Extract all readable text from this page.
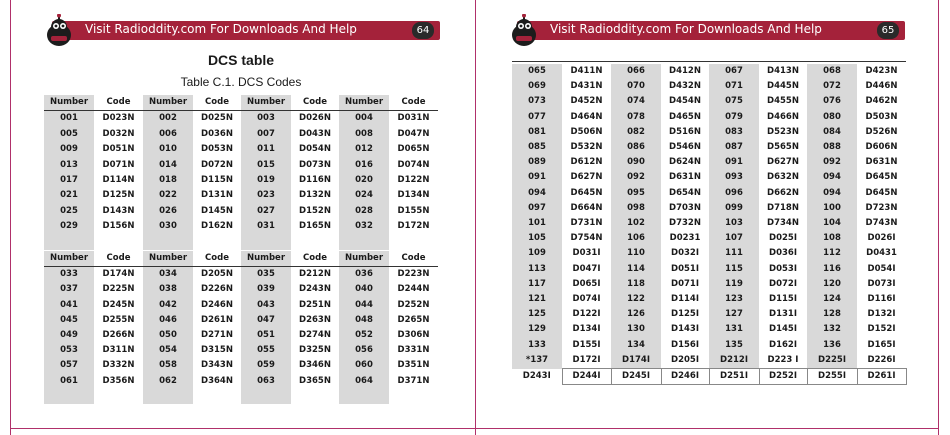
Visit Radioddity.com For Downloads And Help	64
DCS table
Table C.1. DCS Codes
Number	Code	Number	Code	Number	Code	Number	Code
001	D023N	002	D025N	003	D026N	004	D031N
005	D032N	006	D036N	007	D043N	008	D047N
009	D051N	010	D053N	011	D054N	012	D065N
013	D071N	014	D072N	015	D073N	016	D074N
017	D114N	018	D115N	019	D116N	020	D122N
021	D125N	022	D131N	023	D132N	024	D134N
025	D143N	026	D145N	027	D152N	028	D155N
029	D156N	030	D162N	031	D165N	032	D172N

Number	Code	Number	Code	Number	Code	Number	Code
033	D174N	034	D205N	035	D212N	036	D223N
037	D225N	038	D226N	039	D243N	040	D244N
041	D245N	042	D246N	043	D251N	044	D252N
045	D255N	046	D261N	047	D263N	048	D265N
049	D266N	050	D271N	051	D274N	052	D306N
053	D311N	054	D315N	055	D325N	056	D331N
057	D332N	058	D343N	059	D346N	060	D351N
061	D356N	062	D364N	063	D365N	064	D371N

Visit Radioddity.com For Downloads And Help	65
065	D411N	066	D412N	067	D413N	068	D423N
069	D431N	070	D432N	071	D445N	072	D446N
073	D452N	074	D454N	075	D455N	076	D462N
077	D464N	078	D465N	079	D466N	080	D503N
081	D506N	082	D516N	083	D523N	084	D526N
085	D532N	086	D546N	087	D565N	088	D606N
089	D612N	090	D624N	091	D627N	092	D631N
091	D627N	092	D631N	093	D632N	094	D645N
094	D645N	095	D654N	096	D662N	094	D645N
097	D664N	098	D703N	099	D718N	100	D723N
101	D731N	102	D732N	103	D734N	104	D743N
105	D754N	106	D0231	107	D025I	108	D026I
109	D031I	110	D032I	111	D036I	112	D0431
113	D047I	114	D051I	115	D053I	116	D054I
117	D065I	118	D071I	119	D072I	120	D073I
121	D074I	122	D114I	123	D115I	124	D116I
125	D122I	126	D125I	127	D131I	128	D132I
129	D134I	130	D143I	131	D145I	132	D152I
133	D155I	134	D156I	135	D162I	136	D165I
*137	D172I	D174I	D205I	D212I	D223 I	D225I	D226I
D243I	D244I	D245I	D246I	D251I	D252I	D255I	D261I
